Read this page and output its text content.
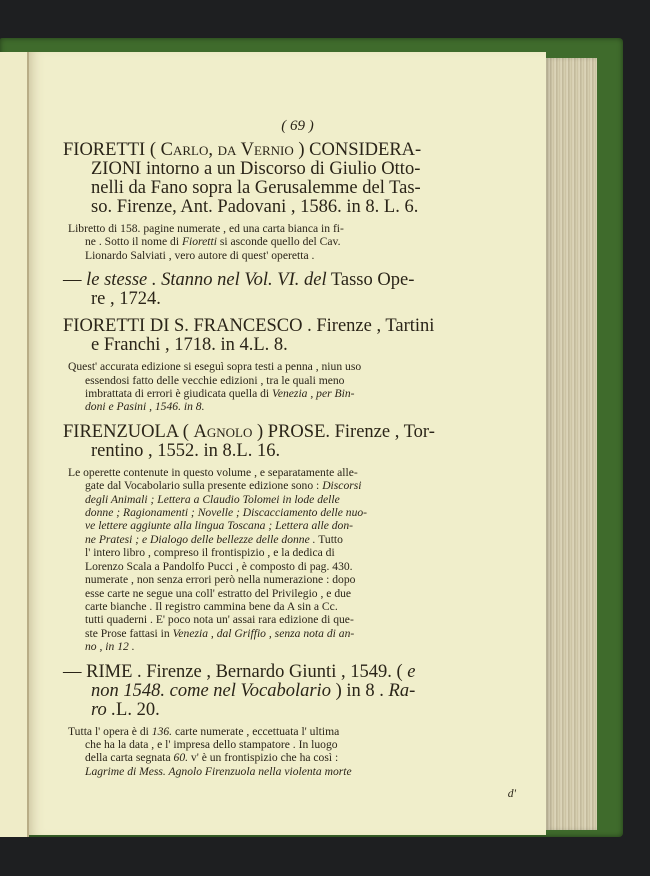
( 69 )
FIORETTI ( Carlo, da Vernio ) CONSIDERA-
ZIONI intorno a un Discorso di Giulio Otto-
nelli da Fano sopra la Gerusalemme del Tas-
so. Firenze, Ant. Padovani , 1586. in 8. L. 6.
Libretto di 158. pagine numerate , ed una carta bianca in fi-
ne . Sotto il nome di Fioretti si asconde quello del Cav.
Lionardo Salviati , vero autore di quest' operetta .
— le stesse . Stanno nel Vol. VI. del Tasso Ope-
re , 1724.
FIORETTI DI S. FRANCESCO . Firenze , Tartini
e Franchi , 1718. in 4.L. 8.
Quest' accurata edizione si eseguì sopra testi a penna , niun uso
essendosi fatto delle vecchie edizioni , tra le quali meno
imbrattata di errori è giudicata quella di Venezia , per Bin-
doni e Pasini , 1546. in 8.
FIRENZUOLA ( Agnolo ) PROSE. Firenze , Tor-
rentino , 1552. in 8.L. 16.
Le operette contenute in questo volume , e separatamente alle-
gate dal Vocabolario sulla presente edizione sono : Discorsi
degli Animali ; Lettera a Claudio Tolomei in lode delle
donne ; Ragionamenti ; Novelle ; Discacciamento delle nuo-
ve lettere aggiunte alla lingua Toscana ; Lettera alle don-
ne Pratesi ; e Dialogo delle bellezze delle donne . Tutto
l' intero libro , compreso il frontispizio , e la dedica di
Lorenzo Scala a Pandolfo Pucci , è composto di pag. 430.
numerate , non senza errori però nella numerazione : dopo
esse carte ne segue una coll' estratto del Privilegio , e due
carte bianche . Il registro cammina bene da A sin a Cc.
tutti quaderni . E' poco nota un' assai rara edizione di que-
ste Prose fattasi in Venezia , dal Griffio , senza nota di an-
no , in 12 .
— RIME . Firenze , Bernardo Giunti , 1549. ( e
non 1548. come nel Vocabolario ) in 8 . Ra-
ro .L. 20.
Tutta l' opera è di 136. carte numerate , eccettuata l' ultima
che ha la data , e l' impresa dello stampatore . In luogo
della carta segnata 60. v' è un frontispizio che ha così :
Lagrime di Mess. Agnolo Firenzuola nella violenta morte
d'
